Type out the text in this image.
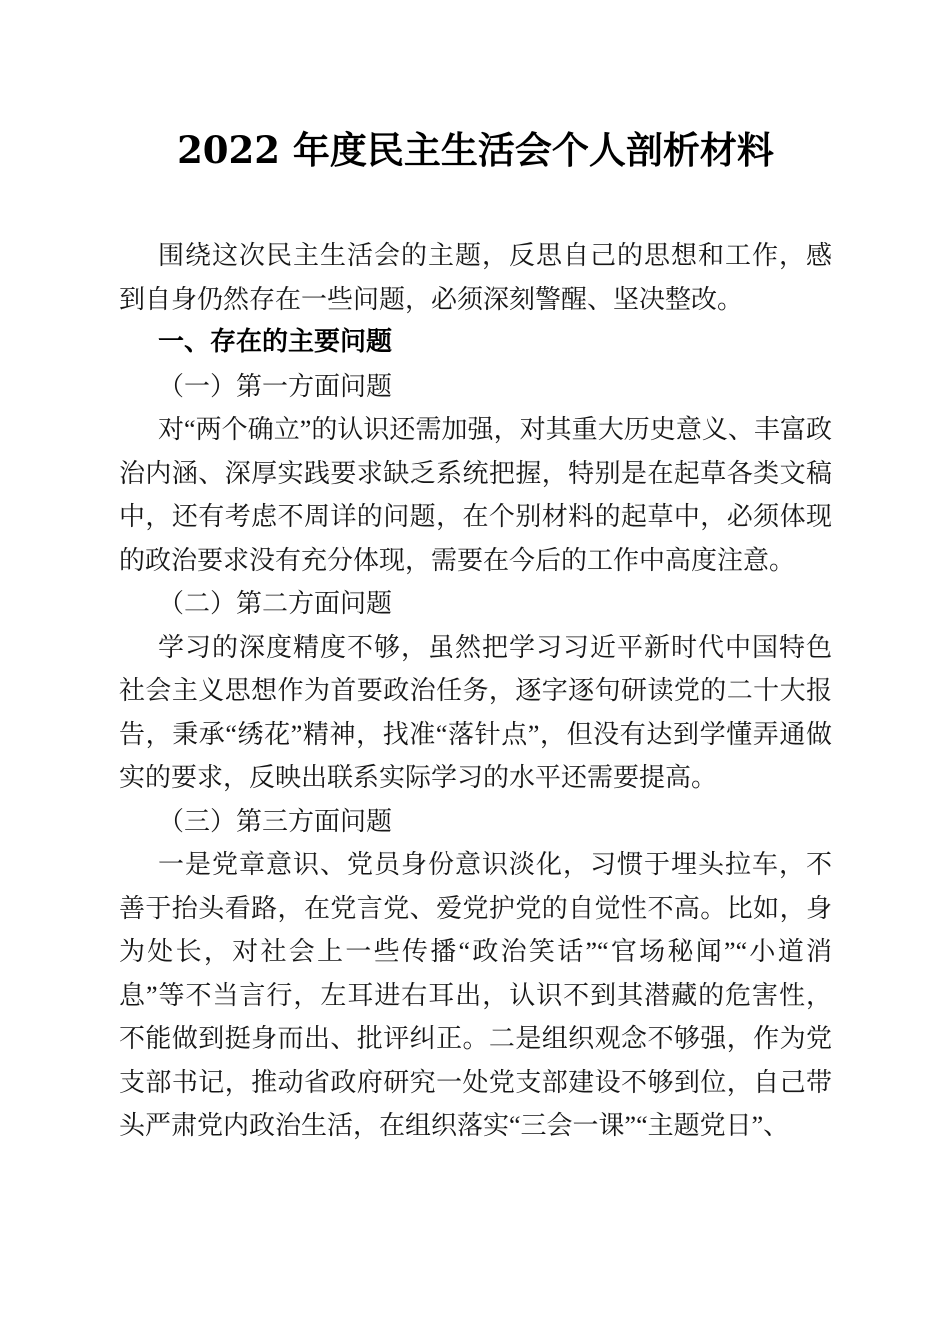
2022 年度民主生活会个人剖析材料

围绕这次民主生活会的主题，反思自己的思想和工作，感到自身仍然存在一些问题，必须深刻警醒、坚决整改。

一、存在的主要问题

（一）第一方面问题

对“两个确立”的认识还需加强，对其重大历史意义、丰富政治内涵、深厚实践要求缺乏系统把握，特别是在起草各类文稿中，还有考虑不周详的问题，在个别材料的起草中，必须体现的政治要求没有充分体现，需要在今后的工作中高度注意。

（二）第二方面问题

学习的深度精度不够，虽然把学习习近平新时代中国特色社会主义思想作为首要政治任务，逐字逐句研读党的二十大报告，秉承“绣花”精神，找准“落针点”，但没有达到学懂弄通做实的要求，反映出联系实际学习的水平还需要提高。

（三）第三方面问题

一是党章意识、党员身份意识淡化，习惯于埋头拉车，不善于抬头看路，在党言党、爱党护党的自觉性不高。比如，身为处长，对社会上一些传播“政治笑话”“官场秘闻”“小道消息”等不当言行，左耳进右耳出，认识不到其潜藏的危害性，不能做到挺身而出、批评纠正。二是组织观念不够强，作为党支部书记，推动省政府研究一处党支部建设不够到位，自己带头严肃党内政治生活，在组织落实“三会一课”“主题党日”、
